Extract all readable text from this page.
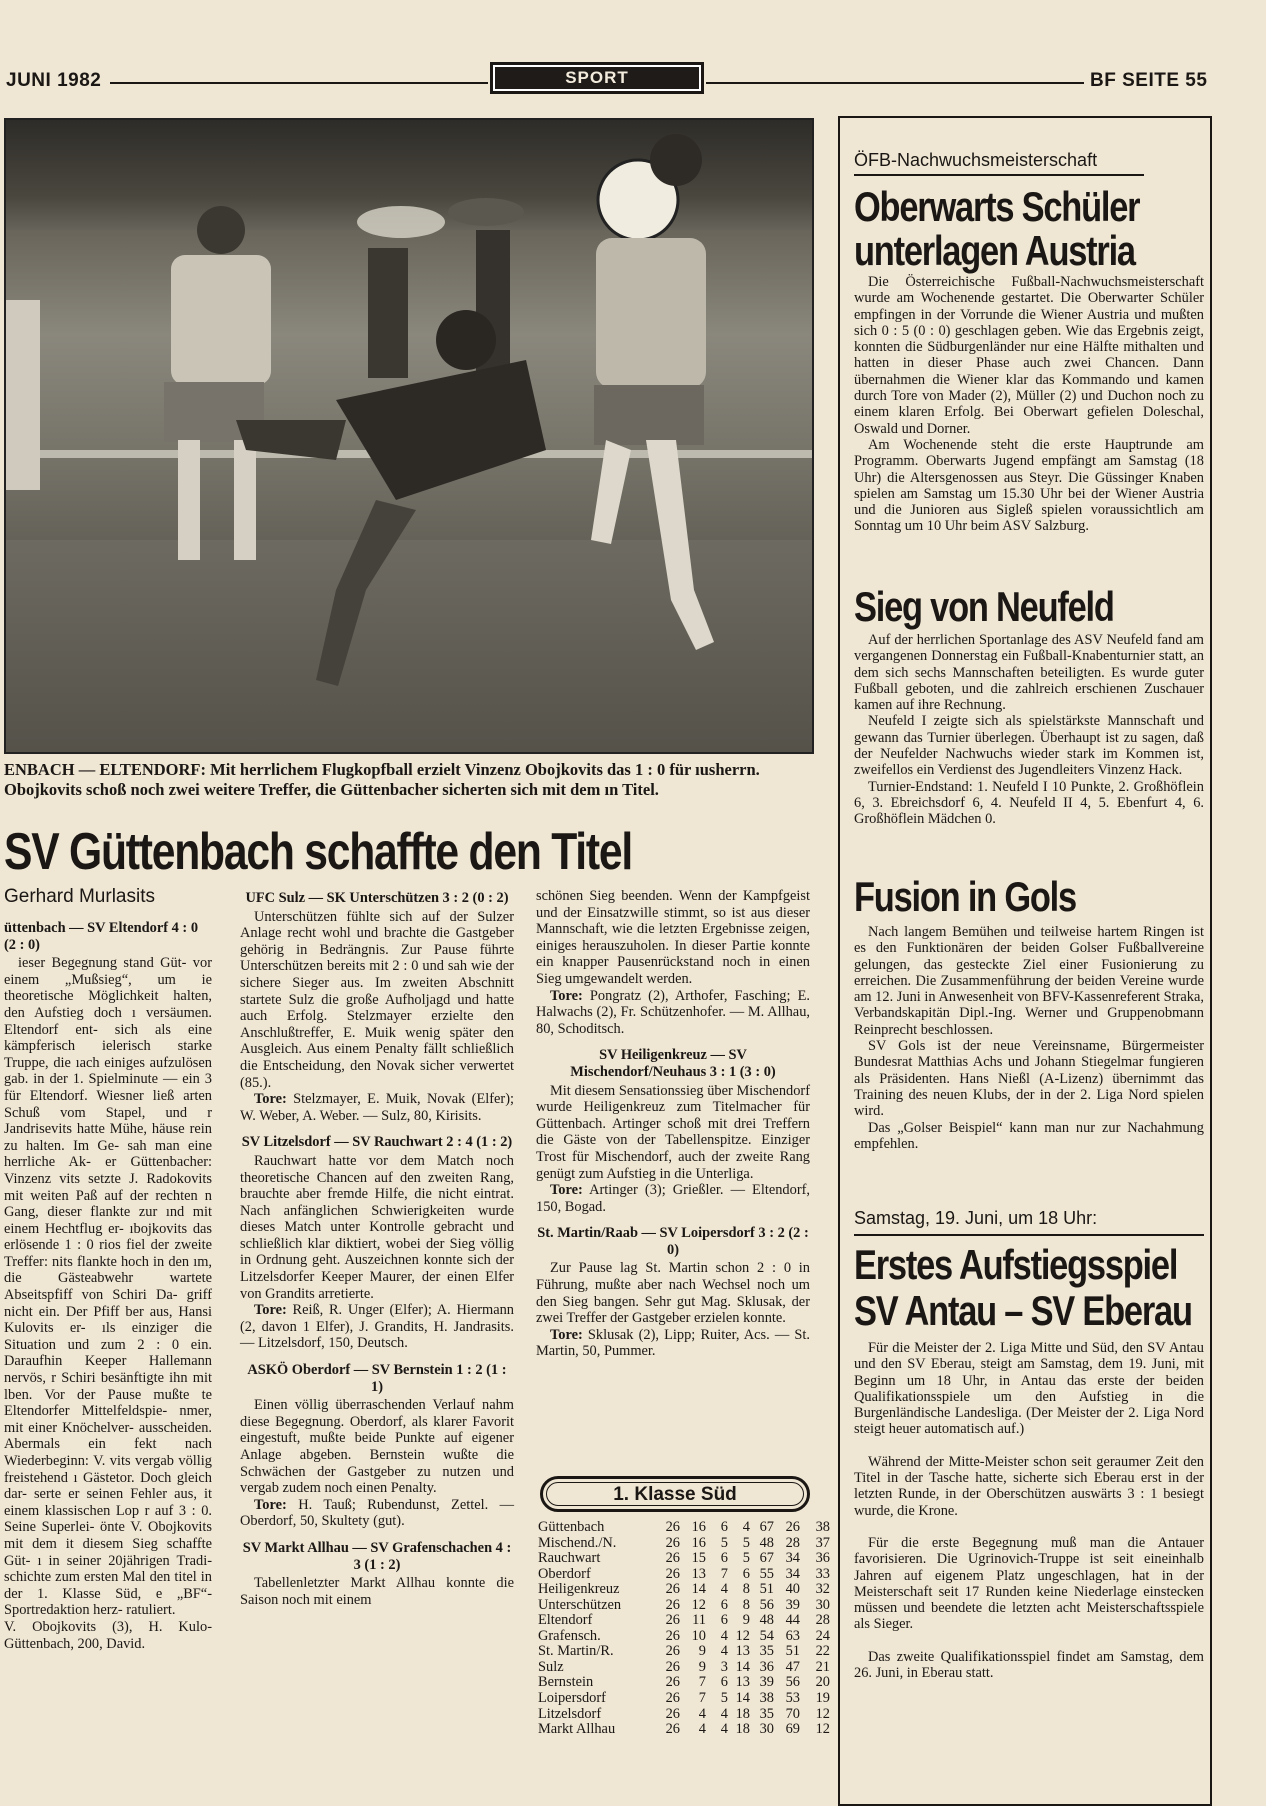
JUNI 1982	SPORT	BF SEITE 55
ENBACH — ELTENDORF: Mit herrlichem Flugkopfball erzielt Vinzenz Obojkovits das 1 : 0 für ıusherrn. Obojkovits schoß noch zwei weitere Treffer, die Güttenbacher sicherten sich mit dem ın Titel.
SV Güttenbach schaffte den Titel
Gerhard Murlasits
üttenbach — SV Eltendorf 4 : 0 (2 : 0)

ieser Begegnung stand Güt- vor einem „Mußsieg“, um ie theoretische Möglichkeit halten, den Aufstieg doch ı versäumen. Eltendorf ent- sich als eine kämpferisch ielerisch starke Truppe, die ıach einiges aufzulösen gab. in der 1. Spielminute — ein 3 für Eltendorf. Wiesner ließ arten Schuß vom Stapel, und r Jandrisevits hatte Mühe, häuse rein zu halten. Im Ge- sah man eine herrliche Ak- er Güttenbacher: Vinzenz vits setzte J. Radokovits mit weiten Paß auf der rechten n Gang, dieser flankte zur ınd mit einem Hechtflug er- ıbojkovits das erlösende 1 : 0 rios fiel der zweite Treffer: nits flankte hoch in den ım, die Gästeabwehr wartete Abseitspfiff von Schiri Da- griff nicht ein. Der Pfiff ber aus, Hansi Kulovits er- ıls einziger die Situation und zum 2 : 0 ein. Daraufhin Keeper Hallemann nervös, r Schiri besänftigte ihn mit lben. Vor der Pause mußte te Eltendorfer Mittelfeldspie- nmer, mit einer Knöchelver- ausscheiden. Abermals ein fekt nach Wiederbeginn: V. vits vergab völlig freistehend ı Gästetor. Doch gleich dar- serte er seinen Fehler aus, it einem klassischen Lop r auf 3 : 0. Seine Superlei- önte V. Obojkovits mit dem it diesem Sieg schaffte Güt- ı in seiner 20jährigen Tradi- schichte zum ersten Mal den titel in der 1. Klasse Süd, e „BF“-Sportredaktion herz- ratuliert.

V. Obojkovits (3), H. Kulo- Güttenbach, 200, David.

UFC Sulz — SK Unterschützen 3 : 2 (0 : 2)

Unterschützen fühlte sich auf der Sulzer Anlage recht wohl und brachte die Gastgeber gehörig in Bedrängnis. Zur Pause führte Unterschützen bereits mit 2 : 0 und sah wie der sichere Sieger aus. Im zweiten Abschnitt startete Sulz die große Aufholjagd und hatte auch Erfolg. Stelzmayer erzielte den Anschlußtreffer, E. Muik wenig später den Ausgleich. Aus einem Penalty fällt schließlich die Entscheidung, den Novak sicher verwertet (85.).

Tore: Stelzmayer, E. Muik, Novak (Elfer); W. Weber, A. Weber. — Sulz, 80, Kirisits.

SV Litzelsdorf — SV Rauchwart 2 : 4 (1 : 2)

Rauchwart hatte vor dem Match noch theoretische Chancen auf den zweiten Rang, brauchte aber fremde Hilfe, die nicht eintrat. Nach anfänglichen Schwierigkeiten wurde dieses Match unter Kontrolle gebracht und schließlich klar diktiert, wobei der Sieg völlig in Ordnung geht. Auszeichnen konnte sich der Litzelsdorfer Keeper Maurer, der einen Elfer von Grandits arretierte.

Tore: Reiß, R. Unger (Elfer); A. Hiermann (2, davon 1 Elfer), J. Grandits, H. Jandrasits. — Litzelsdorf, 150, Deutsch.

ASKÖ Oberdorf — SV Bernstein 1 : 2 (1 : 1)

Einen völlig überraschenden Verlauf nahm diese Begegnung. Oberdorf, als klarer Favorit eingestuft, mußte beide Punkte auf eigener Anlage abgeben. Bernstein wußte die Schwächen der Gastgeber zu nutzen und vergab zudem noch einen Penalty.

Tore: H. Tauß; Rubendunst, Zettel. — Oberdorf, 50, Skultety (gut).

SV Markt Allhau — SV Grafenschachen 4 : 3 (1 : 2)

Tabellenletzter Markt Allhau konnte die Saison noch mit einem

schönen Sieg beenden. Wenn der Kampfgeist und der Einsatzwille stimmt, so ist aus dieser Mannschaft, wie die letzten Ergebnisse zeigen, einiges herauszuholen. In dieser Partie konnte ein knapper Pausenrückstand noch in einen Sieg umgewandelt werden.

Tore: Pongratz (2), Arthofer, Fasching; E. Halwachs (2), Fr. Schützenhofer. — M. Allhau, 80, Schoditsch.

SV Heiligenkreuz — SV Mischendorf/Neuhaus 3 : 1 (3 : 0)

Mit diesem Sensationssieg über Mischendorf wurde Heiligenkreuz zum Titelmacher für Güttenbach. Artinger schoß mit drei Treffern die Gäste von der Tabellenspitze. Einziger Trost für Mischendorf, auch der zweite Rang genügt zum Aufstieg in die Unterliga.

Tore: Artinger (3); Grießler. — Eltendorf, 150, Bogad.

St. Martin/Raab — SV Loipersdorf 3 : 2 (2 : 0)

Zur Pause lag St. Martin schon 2 : 0 in Führung, mußte aber nach Wechsel noch um den Sieg bangen. Sehr gut Mag. Sklusak, der zwei Treffer der Gastgeber erzielen konnte.

Tore: Sklusak (2), Lipp; Ruiter, Acs. — St. Martin, 50, Pummer.

1. Klasse Süd
Güttenbach	26	16	6	4	67	26	38
Mischend./N.	26	16	5	5	48	28	37
Rauchwart	26	15	6	5	67	34	36
Oberdorf	26	13	7	6	55	34	33
Heiligenkreuz	26	14	4	8	51	40	32
Unterschützen	26	12	6	8	56	39	30
Eltendorf	26	11	6	9	48	44	28
Grafensch.	26	10	4	12	54	63	24
St. Martin/R.	26	9	4	13	35	51	22
Sulz	26	9	3	14	36	47	21
Bernstein	26	7	6	13	39	56	20
Loipersdorf	26	7	5	14	38	53	19
Litzelsdorf	26	4	4	18	35	70	12
Markt Allhau	26	4	4	18	30	69	12
ÖFB-Nachwuchsmeisterschaft
Oberwarts Schüler
unterlagen Austria

Die Österreichische Fußball-Nachwuchsmeisterschaft wurde am Wochenende gestartet. Die Oberwarter Schüler empfingen in der Vorrunde die Wiener Austria und mußten sich 0 : 5 (0 : 0) geschlagen geben. Wie das Ergebnis zeigt, konnten die Südburgenländer nur eine Hälfte mithalten und hatten in dieser Phase auch zwei Chancen. Dann übernahmen die Wiener klar das Kommando und kamen durch Tore von Mader (2), Müller (2) und Duchon noch zu einem klaren Erfolg. Bei Oberwart gefielen Doleschal, Oswald und Dorner.

Am Wochenende steht die erste Hauptrunde am Programm. Oberwarts Jugend empfängt am Samstag (18 Uhr) die Altersgenossen aus Steyr. Die Güssinger Knaben spielen am Samstag um 15.30 Uhr bei der Wiener Austria und die Junioren aus Sigleß spielen voraussichtlich am Sonntag um 10 Uhr beim ASV Salzburg.

Sieg von Neufeld

Auf der herrlichen Sportanlage des ASV Neufeld fand am vergangenen Donnerstag ein Fußball-Knabenturnier statt, an dem sich sechs Mannschaften beteiligten. Es wurde guter Fußball geboten, und die zahlreich erschienen Zuschauer kamen auf ihre Rechnung.

Neufeld I zeigte sich als spielstärkste Mannschaft und gewann das Turnier überlegen. Überhaupt ist zu sagen, daß der Neufelder Nachwuchs wieder stark im Kommen ist, zweifellos ein Verdienst des Jugendleiters Vinzenz Hack.

Turnier-Endstand: 1. Neufeld I 10 Punkte, 2. Großhöflein 6, 3. Ebreichsdorf 6, 4. Neufeld II 4, 5. Ebenfurt 4, 6. Großhöflein Mädchen 0.

Fusion in Gols

Nach langem Bemühen und teilweise hartem Ringen ist es den Funktionären der beiden Golser Fußballvereine gelungen, das gesteckte Ziel einer Fusionierung zu erreichen. Die Zusammenführung der beiden Vereine wurde am 12. Juni in Anwesenheit von BFV-Kassenreferent Straka, Verbandskapitän Dipl.-Ing. Werner und Gruppenobmann Reinprecht beschlossen.

SV Gols ist der neue Vereinsname, Bürgermeister Bundesrat Matthias Achs und Johann Stiegelmar fungieren als Präsidenten. Hans Nießl (A-Lizenz) übernimmt das Training des neuen Klubs, der in der 2. Liga Nord spielen wird.

Das „Golser Beispiel“ kann man nur zur Nachahmung empfehlen.

Samstag, 19. Juni, um 18 Uhr:
Erstes Aufstiegsspiel
SV Antau – SV Eberau

Für die Meister der 2. Liga Mitte und Süd, den SV Antau und den SV Eberau, steigt am Samstag, dem 19. Juni, mit Beginn um 18 Uhr, in Antau das erste der beiden Qualifikationsspiele um den Aufstieg in die Burgenländische Landesliga. (Der Meister der 2. Liga Nord steigt heuer automatisch auf.)

Während der Mitte-Meister schon seit geraumer Zeit den Titel in der Tasche hatte, sicherte sich Eberau erst in der letzten Runde, in der Oberschützen auswärts 3 : 1 besiegt wurde, die Krone.

Für die erste Begegnung muß man die Antauer favorisieren. Die Ugrinovich-Truppe ist seit eineinhalb Jahren auf eigenem Platz ungeschlagen, hat in der Meisterschaft seit 17 Runden keine Niederlage einstecken müssen und beendete die letzten acht Meisterschaftsspiele als Sieger.

Das zweite Qualifikationsspiel findet am Samstag, dem 26. Juni, in Eberau statt.
